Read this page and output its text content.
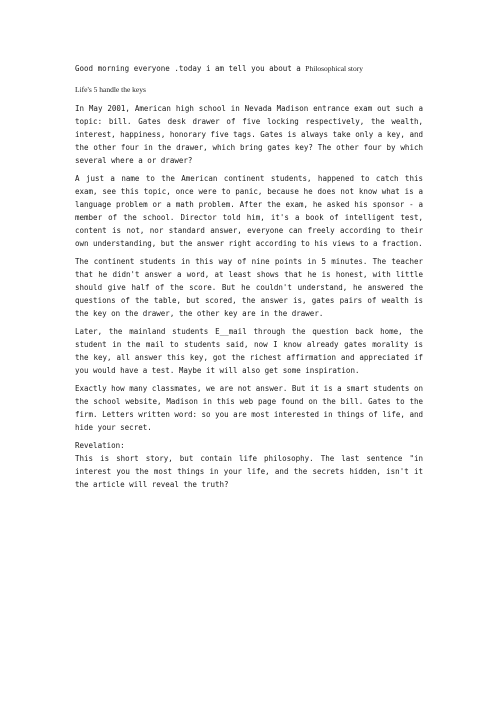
Good morning everyone .today i am tell you about a Philosophical story

Life's 5 handle the keys

In May 2001, American high school in Nevada Madison entrance exam out such a topic: bill. Gates desk drawer of five locking respectively, the wealth, interest, happiness, honorary five tags. Gates is always take only a key, and the other four in the drawer, which bring gates key? The other four by which several where a or drawer?

A just a name to the American continent students, happened to catch this exam, see this topic, once were to panic, because he does not know what is a language problem or a math problem. After the exam, he asked his sponsor - a member of the school. Director told him, it's a book of intelligent test, content is not, nor standard answer, everyone can freely according to their own understanding, but the answer right according to his views to a fraction.

The continent students in this way of nine points in 5 minutes. The teacher that he didn't answer a word, at least shows that he is honest, with little should give half of the score. But he couldn't understand, he answered the questions of the table, but scored, the answer is, gates pairs of wealth is the key on the drawer, the other key are in the drawer.

Later, the mainland students E__mail through the question back home, the student in the mail to students said, now I know already gates morality is the key, all answer this key, got the richest affirmation and appreciated if you would have a test. Maybe it will also get some inspiration.

Exactly how many classmates, we are not answer. But it is a smart students on the school website, Madison in this web page found on the bill. Gates to the firm. Letters written word: so you are most interested in things of life, and hide your secret.

Revelation:

This is short story, but contain life philosophy. The last sentence "in interest you the most things in your life, and the secrets hidden, isn't it the article will reveal the truth?
